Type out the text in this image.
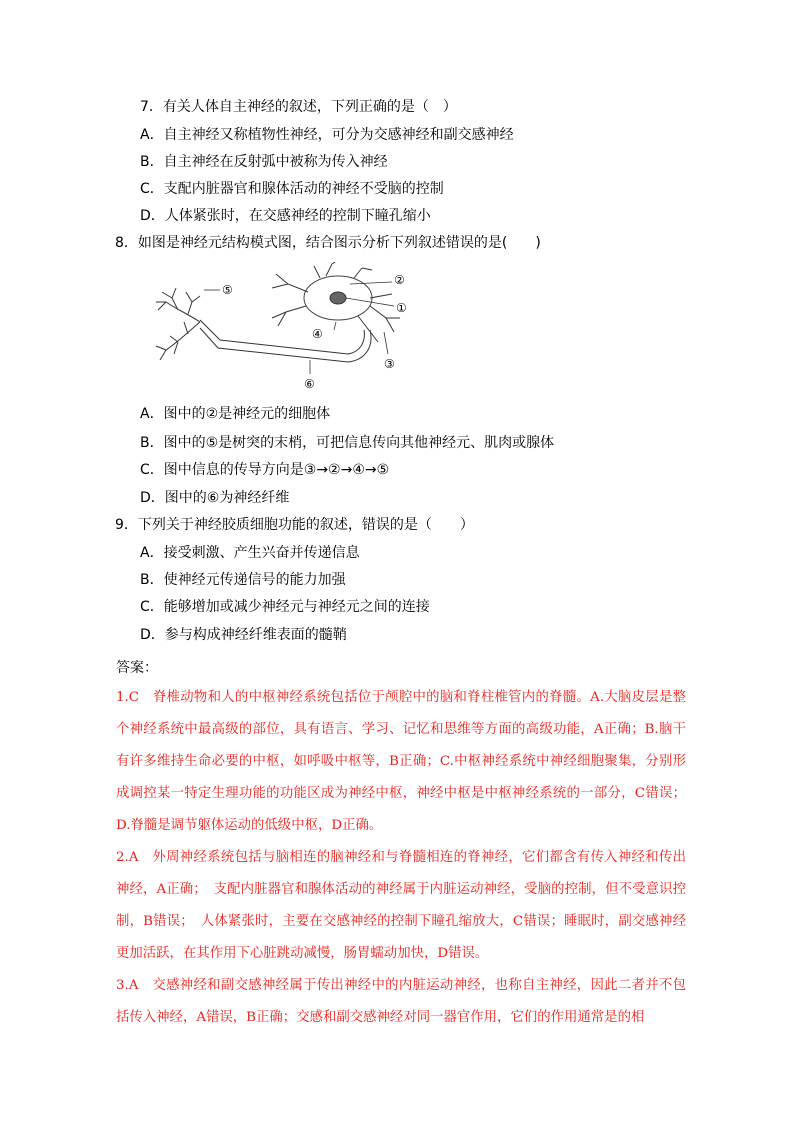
7．有关人体自主神经的叙述，下列正确的是（　）
A．自主神经又称植物性神经，可分为交感神经和副交感神经
B．自主神经在反射弧中被称为传入神经
C．支配内脏器官和腺体活动的神经不受脑的控制
D．人体紧张时，在交感神经的控制下瞳孔缩小
8．如图是神经元结构模式图，结合图示分析下列叙述错误的是(　　)
⑤
②
①
④
③
⑥
A．图中的②是神经元的细胞体
B．图中的⑤是树突的末梢，可把信息传向其他神经元、肌肉或腺体
C．图中信息的传导方向是③→②→④→⑤
D．图中的⑥为神经纤维
9．下列关于神经胶质细胞功能的叙述，错误的是（　　）
A．接受刺激、产生兴奋并传递信息
B．使神经元传递信号的能力加强
C．能够增加或减少神经元与神经元之间的连接
D．参与构成神经纤维表面的髓鞘
答案：

1.C　脊椎动物和人的中枢神经系统包括位于颅腔中的脑和脊柱椎管内的脊髓。A.大脑皮层是整个神经系统中最高级的部位，具有语言、学习、记忆和思维等方面的高级功能，A正确；B.脑干有许多维持生命必要的中枢，如呼吸中枢等，B正确；C.中枢神经系统中神经细胞聚集，分别形成调控某一特定生理功能的功能区成为神经中枢，神经中枢是中枢神经系统的一部分，C错误；D.脊髓是调节躯体运动的低级中枢，D正确。

2.A　外周神经系统包括与脑相连的脑神经和与脊髓相连的脊神经，它们都含有传入神经和传出神经，A正确；　支配内脏器官和腺体活动的神经属于内脏运动神经，受脑的控制，但不受意识控制，B错误；　人体紧张时，主要在交感神经的控制下瞳孔缩放大，C错误；睡眠时，副交感神经更加活跃，在其作用下心脏跳动减慢，肠胃蠕动加快，D错误。

3.A　交感神经和副交感神经属于传出神经中的内脏运动神经，也称自主神经，因此二者并不包括传入神经，A错误，B正确；交感和副交感神经对同一器官作用，它们的作用通常是的相
